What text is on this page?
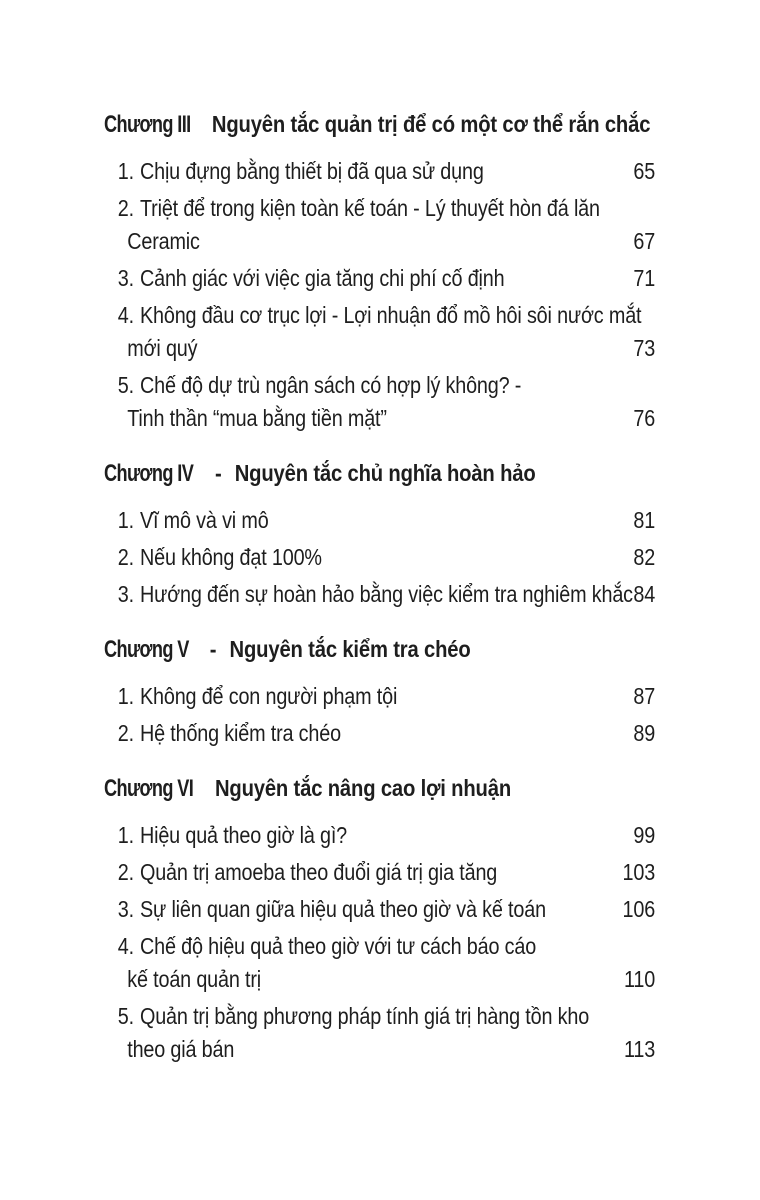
Chương III Nguyên tắc quản trị để có một cơ thể rắn chắc
1. Chịu đựng bằng thiết bị đã qua sử dụng	65
2. Triệt để trong kiện toàn kế toán - Lý thuyết hòn đá lăn
Ceramic	67
3. Cảnh giác với việc gia tăng chi phí cố định	71
4. Không đầu cơ trục lợi - Lợi nhuận đổ mồ hôi sôi nước mắt
mới quý	73
5. Chế độ dự trù ngân sách có hợp lý không? -
Tinh thần “mua bằng tiền mặt”	76
Chương IV - Nguyên tắc chủ nghĩa hoàn hảo
1. Vĩ mô và vi mô	81
2. Nếu không đạt 100%	82
3. Hướng đến sự hoàn hảo bằng việc kiểm tra nghiêm khắc 84
Chương V - Nguyên tắc kiểm tra chéo
1. Không để con người phạm tội	87
2. Hệ thống kiểm tra chéo	89
Chương VI Nguyên tắc nâng cao lợi nhuận
1. Hiệu quả theo giờ là gì?	99
2. Quản trị amoeba theo đuổi giá trị gia tăng	103
3. Sự liên quan giữa hiệu quả theo giờ và kế toán	106
4. Chế độ hiệu quả theo giờ với tư cách báo cáo
kế toán quản trị	110
5. Quản trị bằng phương pháp tính giá trị hàng tồn kho
theo giá bán	113
